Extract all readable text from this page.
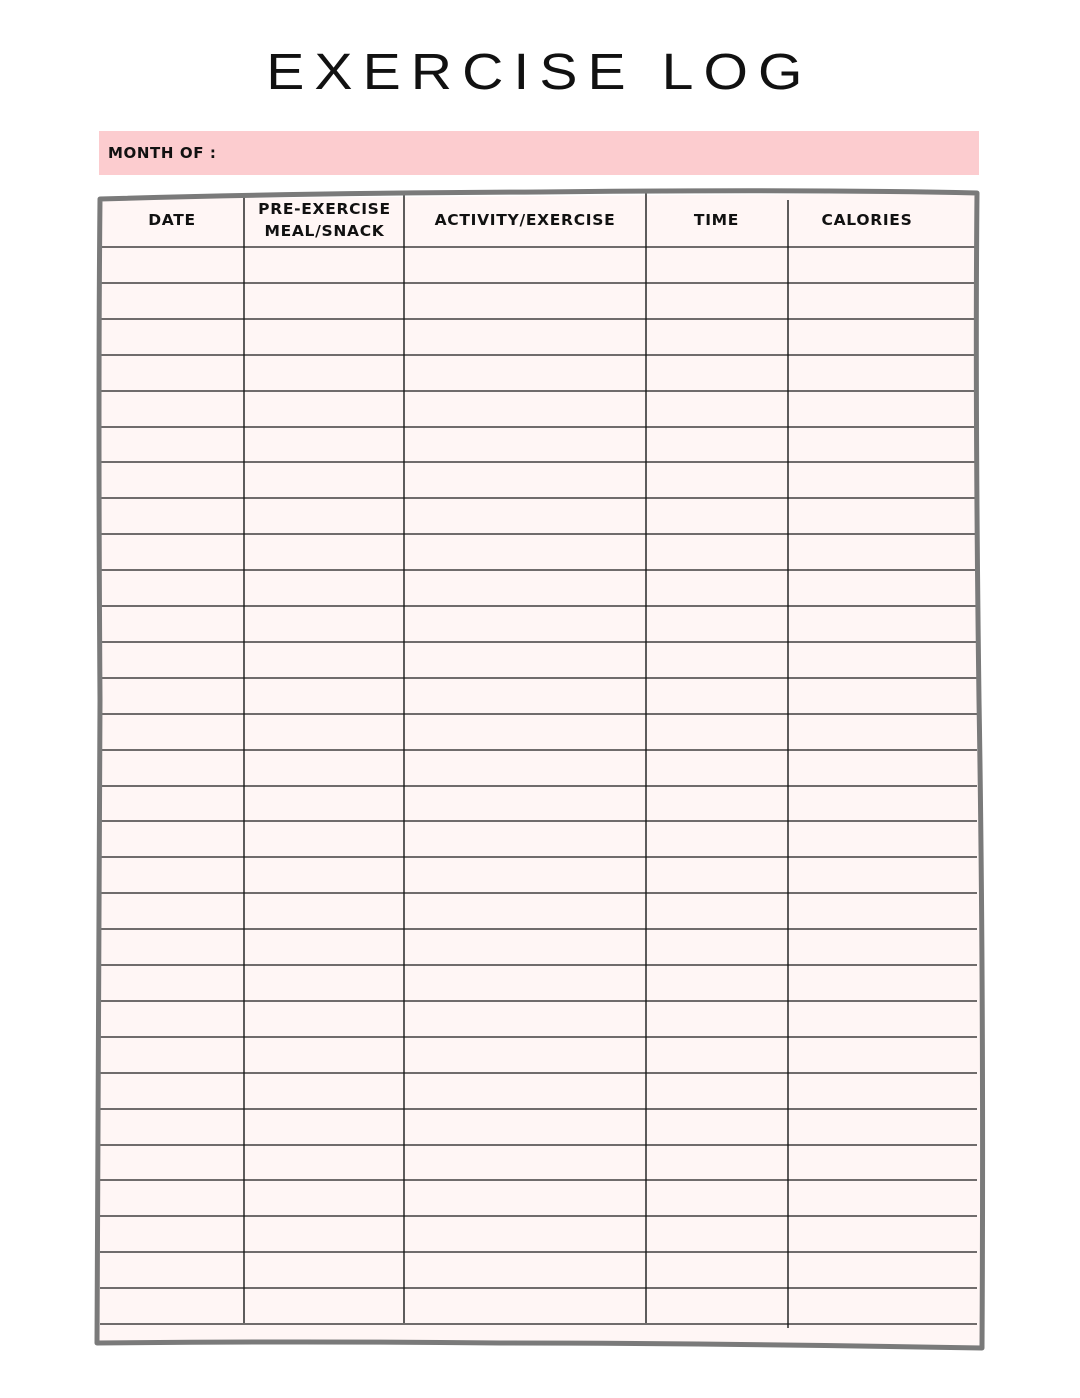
EXERCISE LOG
MONTH OF :
DATE
PRE-EXERCISE
MEAL/SNACK
ACTIVITY/EXERCISE	TIME	CALORIES
